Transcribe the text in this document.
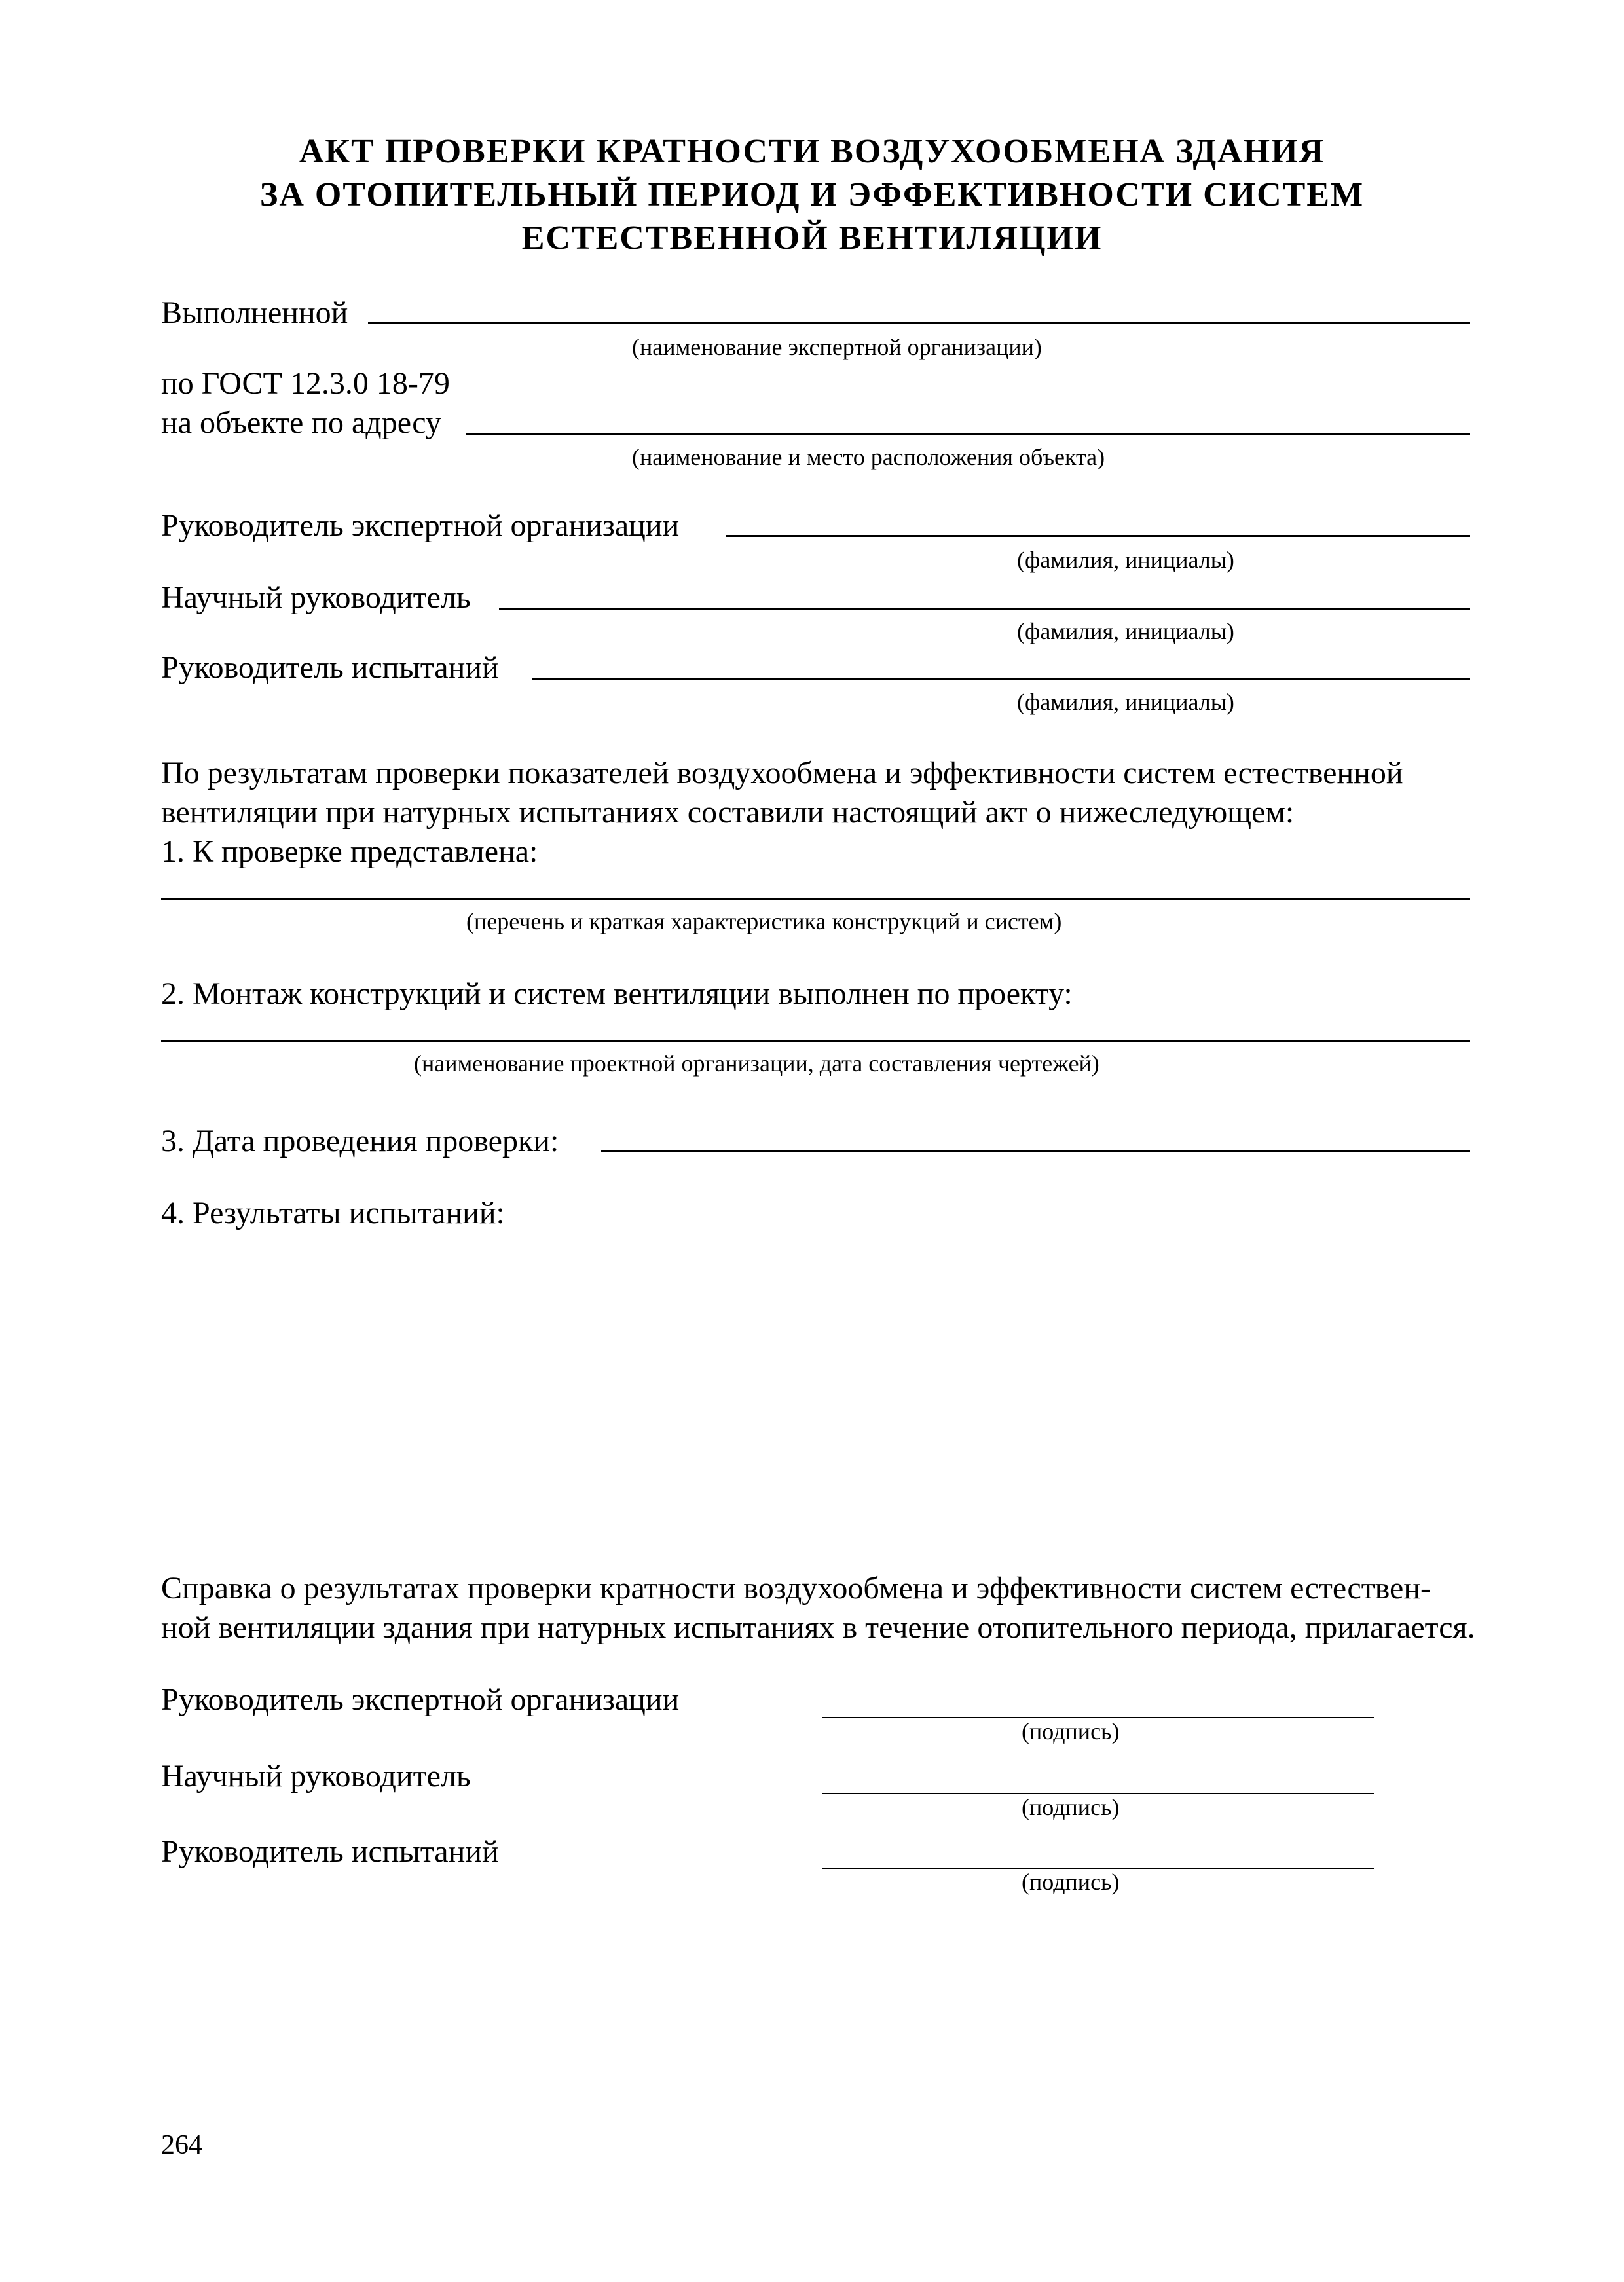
АКТ ПРОВЕРКИ КРАТНОСТИ ВОЗДУХООБМЕНА ЗДАНИЯ
ЗА ОТОПИТЕЛЬНЫЙ ПЕРИОД И ЭФФЕКТИВНОСТИ СИСТЕМ
ЕСТЕСТВЕННОЙ ВЕНТИЛЯЦИИ
Выполненной
(наименование экспертной организации)
по ГОСТ 12.3.0 18-79
на объекте по адресу
(наименование и место расположения объекта)
Руководитель экспертной организации
(фамилия, инициалы)
Научный руководитель
(фамилия, инициалы)
Руководитель испытаний
(фамилия, инициалы)
По результатам проверки показателей воздухообмена и эффективности систем естественной
вентиляции при натурных испытаниях составили настоящий акт о нижеследующем:
1. К проверке представлена:
(перечень и краткая характеристика конструкций и систем)
2. Монтаж конструкций и систем вентиляции выполнен по проекту:
(наименование проектной организации, дата составления чертежей)
3. Дата проведения проверки:
4. Результаты испытаний:
Справка о результатах проверки кратности воздухообмена и эффективности систем естествен-
ной вентиляции здания при натурных испытаниях в течение отопительного периода, прилагается.
Руководитель экспертной организации
(подпись)
Научный руководитель
(подпись)
Руководитель испытаний
(подпись)
264
